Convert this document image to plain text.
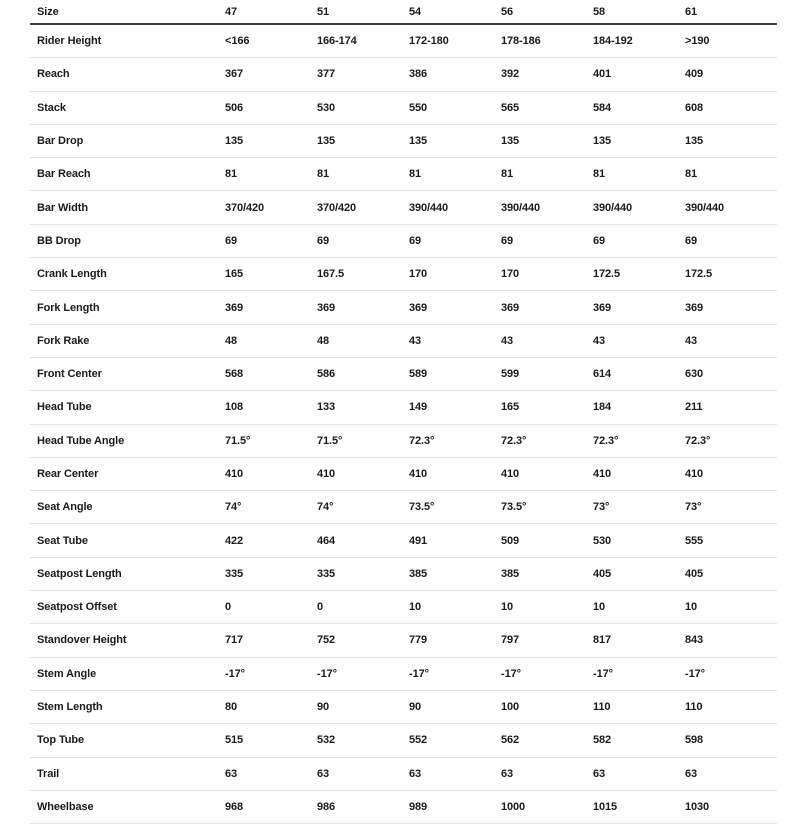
Size	47	51	54	56	58	61
Rider Height	<166	166-174	172-180	178-186	184-192	>190
Reach	367	377	386	392	401	409
Stack	506	530	550	565	584	608
Bar Drop	135	135	135	135	135	135
Bar Reach	81	81	81	81	81	81
Bar Width	370/420	370/420	390/440	390/440	390/440	390/440
BB Drop	69	69	69	69	69	69
Crank Length	165	167.5	170	170	172.5	172.5
Fork Length	369	369	369	369	369	369
Fork Rake	48	48	43	43	43	43
Front Center	568	586	589	599	614	630
Head Tube	108	133	149	165	184	211
Head Tube Angle	71.5°	71.5°	72.3°	72.3°	72.3°	72.3°
Rear Center	410	410	410	410	410	410
Seat Angle	74°	74°	73.5°	73.5°	73°	73°
Seat Tube	422	464	491	509	530	555
Seatpost Length	335	335	385	385	405	405
Seatpost Offset	0	0	10	10	10	10
Standover Height	717	752	779	797	817	843
Stem Angle	-17°	-17°	-17°	-17°	-17°	-17°
Stem Length	80	90	90	100	110	110
Top Tube	515	532	552	562	582	598
Trail	63	63	63	63	63	63
Wheelbase	968	986	989	1000	1015	1030
